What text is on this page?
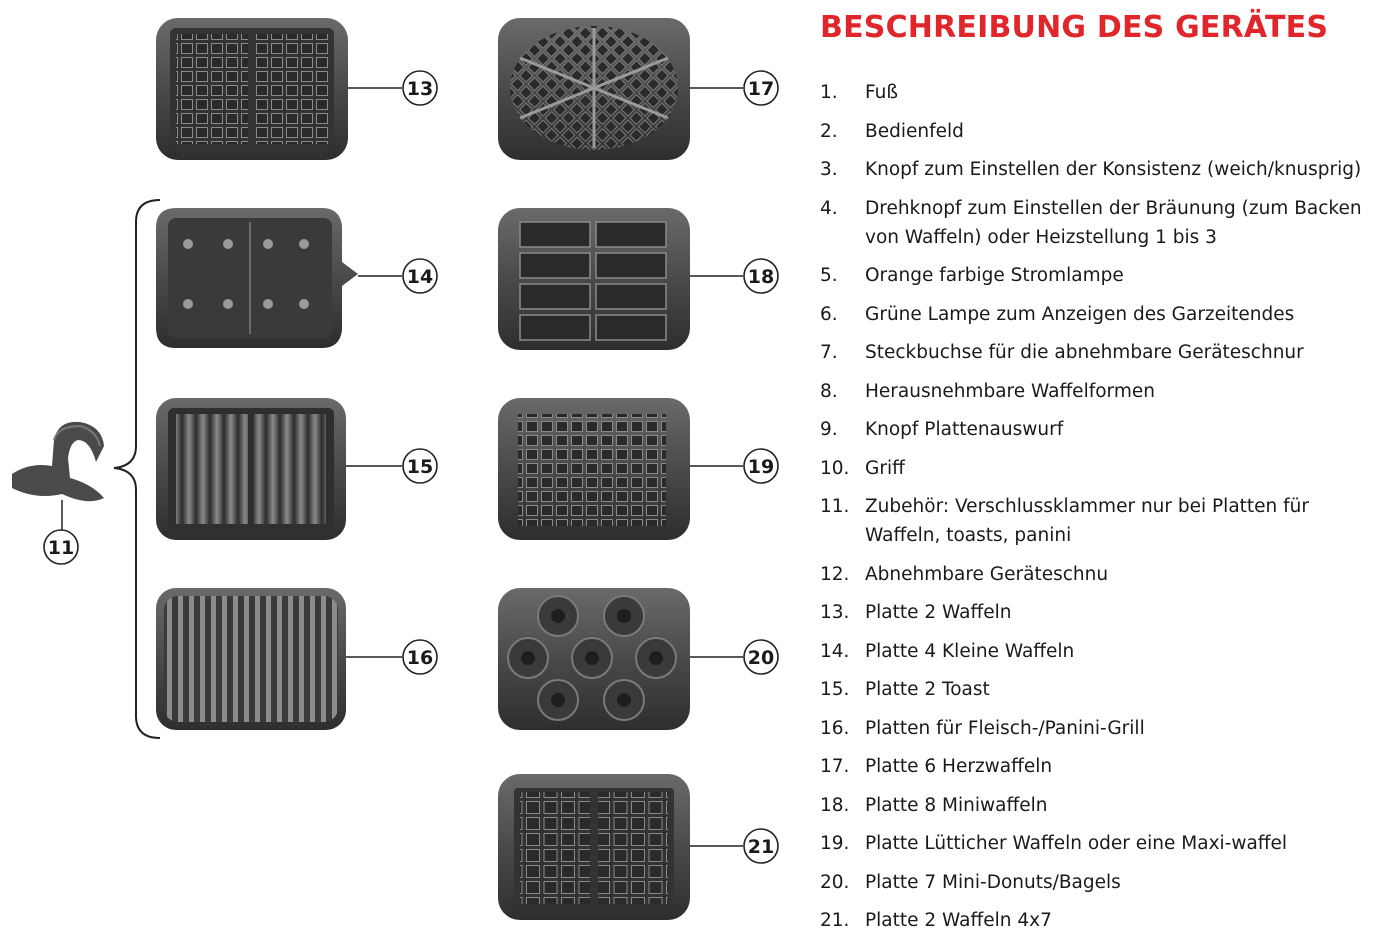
11
13
14
15
16
17
18
19
20
21
BESCHREIBUNG DES GERÄTES
1. Fuß
2. Bedienfeld
3. Knopf zum Einstellen der Konsistenz (weich/knusprig)
4. Drehknopf zum Einstellen der Bräunung (zum Backen von Waffeln) oder Heizstellung 1 bis 3
5. Orange farbige Stromlampe
6. Grüne Lampe zum Anzeigen des Garzeitendes
7. Steckbuchse für die abnehmbare Geräteschnur
8. Herausnehmbare Waffelformen
9. Knopf Plattenauswurf
10. Griff
11. Zubehör: Verschlussklammer nur bei Platten für Waffeln, toasts, panini
12. Abnehmbare Geräteschnu
13. Platte 2 Waffeln
14. Platte 4 Kleine Waffeln
15. Platte 2 Toast
16. Platten für Fleisch-/Panini-Grill
17. Platte 6 Herzwaffeln
18. Platte 8 Miniwaffeln
19. Platte Lütticher Waffeln oder eine Maxi-waffel
20. Platte 7 Mini-Donuts/Bagels
21. Platte 2 Waffeln 4x7
